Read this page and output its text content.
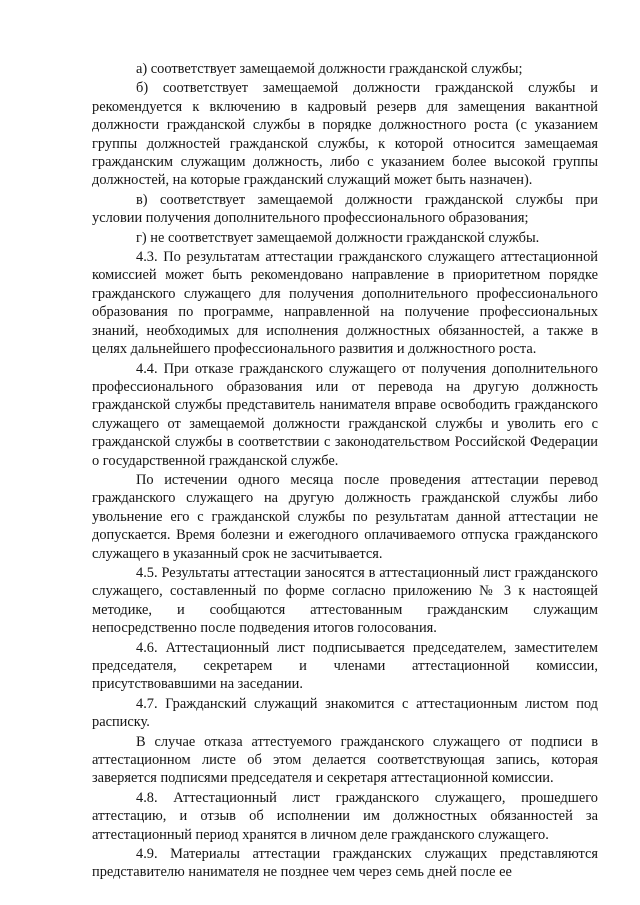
а) соответствует замещаемой должности гражданской службы;

б) соответствует замещаемой должности гражданской службы и рекомендуется к включению в кадровый резерв для замещения вакантной должности гражданской службы в порядке должностного роста (с указанием группы должностей гражданской службы, к которой относится замещаемая гражданским служащим должность, либо с указанием более высокой группы должностей, на которые гражданский служащий может быть назначен).

в) соответствует замещаемой должности гражданской службы при условии получения дополнительного профессионального образования;

г) не соответствует замещаемой должности гражданской службы.

4.3. По результатам аттестации гражданского служащего аттестационной комиссией может быть рекомендовано направление в приоритетном порядке гражданского служащего для получения дополнительного профессионального образования по программе, направленной на получение профессиональных знаний, необходимых для исполнения должностных обязанностей, а также в целях дальнейшего профессионального развития и должностного роста.

4.4. При отказе гражданского служащего от получения дополнительного профессионального образования или от перевода на другую должность гражданской службы представитель нанимателя вправе освободить гражданского служащего от замещаемой должности гражданской службы и уволить его с гражданской службы в соответствии с законодательством Российской Федерации о государственной гражданской службе.

По истечении одного месяца после проведения аттестации перевод гражданского служащего на другую должность гражданской службы либо увольнение его с гражданской службы по результатам данной аттестации не допускается. Время болезни и ежегодного оплачиваемого отпуска гражданского служащего в указанный срок не засчитывается.

4.5. Результаты аттестации заносятся в аттестационный лист гражданского служащего, составленный по форме согласно приложению № 3 к настоящей методике, и сообщаются аттестованным гражданским служащим непосредственно после подведения итогов голосования.

4.6. Аттестационный лист подписывается председателем, заместителем председателя, секретарем и членами аттестационной комиссии, присутствовавшими на заседании.

4.7. Гражданский служащий знакомится с аттестационным листом под расписку.

В случае отказа аттестуемого гражданского служащего от подписи в аттестационном листе об этом делается соответствующая запись, которая заверяется подписями председателя и секретаря аттестационной комиссии.

4.8. Аттестационный лист гражданского служащего, прошедшего аттестацию, и отзыв об исполнении им должностных обязанностей за аттестационный период хранятся в личном деле гражданского служащего.

4.9. Материалы аттестации гражданских служащих представляются представителю нанимателя не позднее чем через семь дней после ее
